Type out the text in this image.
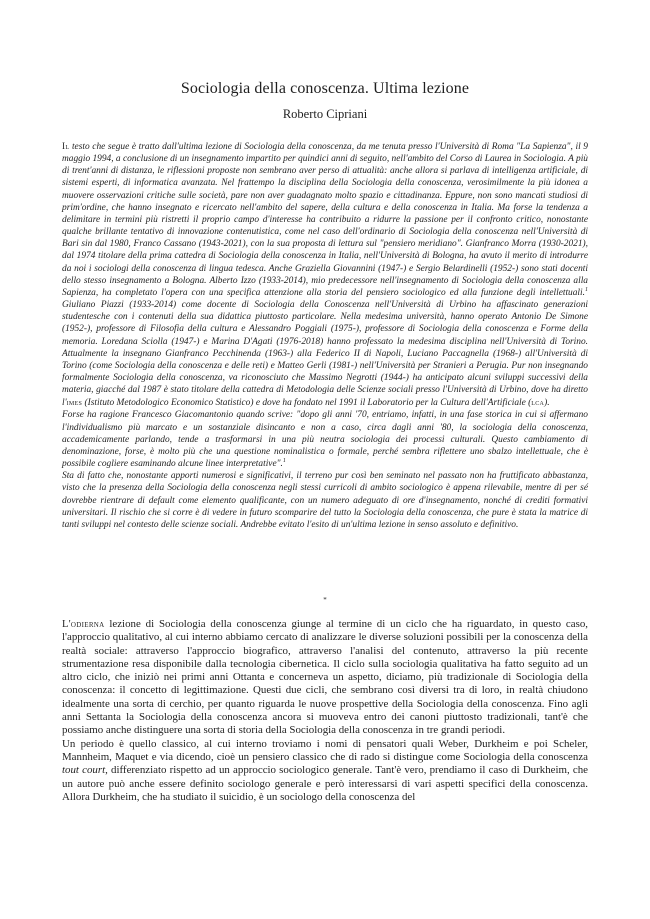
Sociologia della conoscenza. Ultima lezione
Roberto Cipriani

Il testo che segue è tratto dall'ultima lezione di Sociologia della conoscenza, da me tenuta presso l'Università di Roma "La Sapienza", il 9 maggio 1994, a conclusione di un insegnamento impartito per quindici anni di seguito, nell'ambito del Corso di Laurea in Sociologia. A più di trent'anni di distanza, le riflessioni proposte non sembrano aver perso di attualità: anche allora si parlava di intelligenza artificiale, di sistemi esperti, di informatica avanzata. Nel frattempo la disciplina della Sociologia della conoscenza, verosimilmente la più idonea a muovere osservazioni critiche sulle società, pare non aver guadagnato molto spazio e cittadinanza. Eppure, non sono mancati studiosi di prim'ordine, che hanno insegnato e ricercato nell'ambito del sapere, della cultura e della conoscenza in Italia. Ma forse la tendenza a delimitare in termini più ristretti il proprio campo d'interesse ha contribuito a ridurre la passione per il confronto critico, nonostante qualche brillante tentativo di innovazione contenutistica, come nel caso dell'ordinario di Sociologia della conoscenza nell'Università di Bari sin dal 1980, Franco Cassano (1943-2021), con la sua proposta di lettura sul "pensiero meridiano". Gianfranco Morra (1930-2021), dal 1974 titolare della prima cattedra di Sociologia della conoscenza in Italia, nell'Università di Bologna, ha avuto il merito di introdurre da noi i sociologi della conoscenza di lingua tedesca. Anche Graziella Giovannini (1947-) e Sergio Belardinelli (1952-) sono stati docenti dello stesso insegnamento a Bologna. Alberto Izzo (1933-2014), mio predecessore nell'insegnamento di Sociologia della conoscenza alla Sapienza, ha completato l'opera con una specifica attenzione alla storia del pensiero sociologico ed alla funzione degli intellettuali.$^1$ Giuliano Piazzi (1933-2014) come docente di Sociologia della Conoscenza nell'Università di Urbino ha affascinato generazioni studentesche con i contenuti della sua didattica piuttosto particolare. Nella medesima università, hanno operato Antonio De Simone (1952-), professore di Filosofia della cultura e Alessandro Poggiali (1975-), professore di Sociologia della conoscenza e Forme della memoria. Loredana Sciolla (1947-) e Marina D'Agati (1976-2018) hanno professato la medesima disciplina nell'Università di Torino. Attualmente la insegnano Gianfranco Pecchinenda (1963-) alla Federico II di Napoli, Luciano Paccagnella (1968-) all'Università di Torino (come Sociologia della conoscenza e delle reti) e Matteo Gerli (1981-) nell'Università per Stranieri a Perugia. Pur non insegnando formalmente Sociologia della conoscenza, va riconosciuto che Massimo Negrotti (1944-) ha anticipato alcuni sviluppi successivi della materia, giacché dal 1987 è stato titolare della cattedra di Metodologia delle Scienze sociali presso l'Università di Urbino, dove ha diretto l'imes (Istituto Metodologico Economico Statistico) e dove ha fondato nel 1991 il Laboratorio per la Cultura dell'Artificiale (lca).

Forse ha ragione Francesco Giacomantonio quando scrive: "dopo gli anni '70, entriamo, infatti, in una fase storica in cui si affermano l'individualismo più marcato e un sostanziale disincanto e non a caso, circa dagli anni '80, la sociologia della conoscenza, accademicamente parlando, tende a trasformarsi in una più neutra sociologia dei processi culturali. Questo cambiamento di denominazione, forse, è molto più che una questione nominalistica o formale, perché sembra riflettere uno sbalzo intellettuale, che è possibile cogliere esaminando alcune linee interpretative".$^1$

Sta di fatto che, nonostante apporti numerosi e significativi, il terreno pur così ben seminato nel passato non ha fruttificato abbastanza, visto che la presenza della Sociologia della conoscenza negli stessi curricoli di ambito sociologico è appena rilevabile, mentre di per sé dovrebbe rientrare di default come elemento qualificante, con un numero adeguato di ore d'insegnamento, nonché di crediti formativi universitari. Il rischio che si corre è di vedere in futuro scomparire del tutto la Sociologia della conoscenza, che pure è stata la matrice di tanti sviluppi nel contesto delle scienze sociali. Andrebbe evitato l'esito di un'ultima lezione in senso assoluto e definitivo.

*

L'odierna lezione di Sociologia della conoscenza giunge al termine di un ciclo che ha riguardato, in questo caso, l'approccio qualitativo, al cui interno abbiamo cercato di analizzare le diverse soluzioni possibili per la conoscenza della realtà sociale: attraverso l'approccio biografico, attraverso l'analisi del contenuto, attraverso la più recente strumentazione resa disponibile dalla tecnologia cibernetica. Il ciclo sulla sociologia qualitativa ha fatto seguito ad un altro ciclo, che iniziò nei primi anni Ottanta e concerneva un aspetto, diciamo, più tradizionale di Sociologia della conoscenza: il concetto di legittimazione. Questi due cicli, che sembrano così diversi tra di loro, in realtà chiudono idealmente una sorta di cerchio, per quanto riguarda le nuove prospettive della Sociologia della conoscenza. Fino agli anni Settanta la Sociologia della conoscenza ancora si muoveva entro dei canoni piuttosto tradizionali, tant'è che possiamo anche distinguere una sorta di storia della Sociologia della conoscenza in tre grandi periodi.

Un periodo è quello classico, al cui interno troviamo i nomi di pensatori quali Weber, Durkheim e poi Scheler, Mannheim, Maquet e via dicendo, cioè un pensiero classico che di rado si distingue come Sociologia della conoscenza tout court, differenziato rispetto ad un approccio sociologico generale. Tant'è vero, prendiamo il caso di Durkheim, che un autore può anche essere definito sociologo generale e però interessarsi di vari aspetti specifici della conoscenza. Allora Durkheim, che ha studiato il suicidio, è un sociologo della conoscenza del
